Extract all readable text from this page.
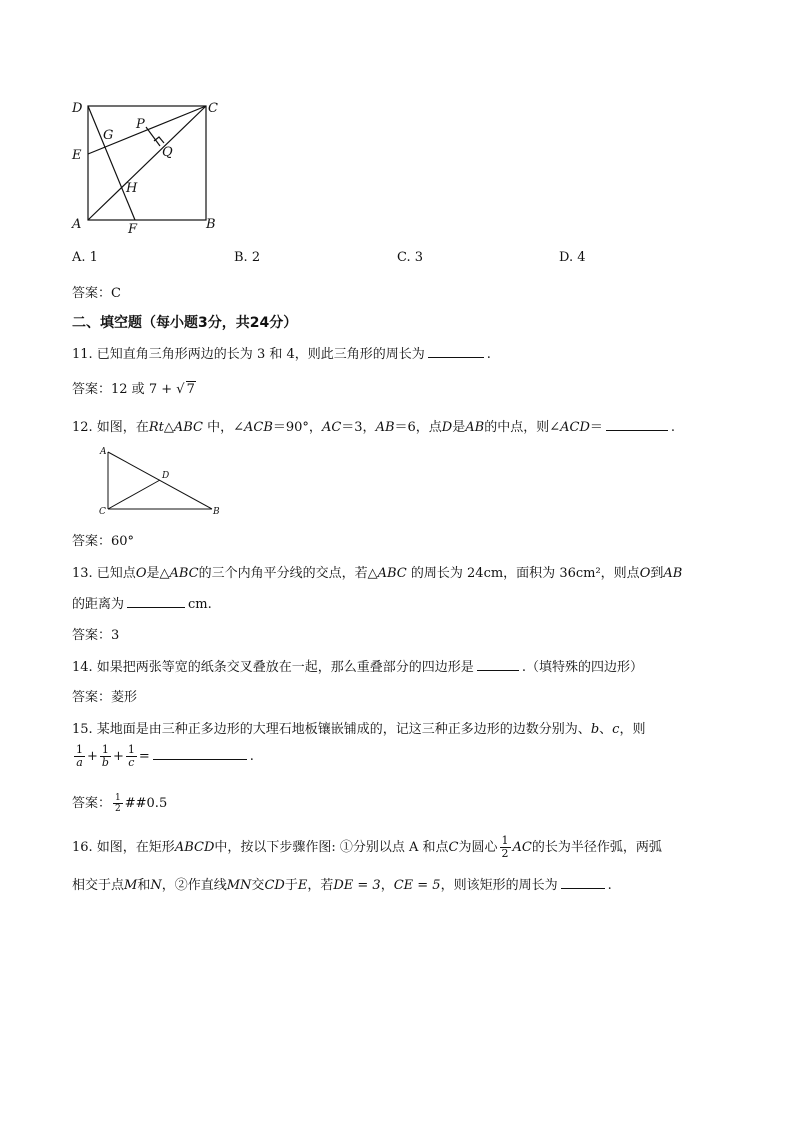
D	C
G
P
E	Q
H
A	F	B
A. 1	B. 2	C. 3	D. 4
答案：C
二、填空题（每小题3分，共24分）
11. 已知直角三角形两边的长为 3 和 4，则此三角形的周长为	.
答案：12 或 7 + √ 7
12. 如图，在Rt△ABC 中，∠ACB＝90°，AC＝3，AB＝6，点D是AB的中点，则∠ACD＝	.
A
D
C	B
答案：60°
13. 已知点O是△ABC的三个内角平分线的交点，若△ABC 的周长为 24cm，面积为 36cm²，则点O到AB
的距离为	cm.
答案：3
14. 如果把两张等宽的纸条交叉叠放在一起，那么重叠部分的四边形是	.（填特殊的四边形）
答案：菱形
15. 某地面是由三种正多边形的大理石地板镶嵌铺成的，记这三种正多边形的边数分别为、b、c，则
$\frac{1}{a} + \frac{1}{b} + \frac{1}{c}$ =	.
答案： $\frac{1}{2}$ ##0.5
16. 如图，在矩形ABCD中，按以下步骤作图: ①分别以点 A 和点C为圆心 $\frac{1}{2}$ AC的长为半径作弧，两弧
相交于点M和N，②作直线MN交CD于E，若DE = 3，CE = 5，则该矩形的周长为	.
